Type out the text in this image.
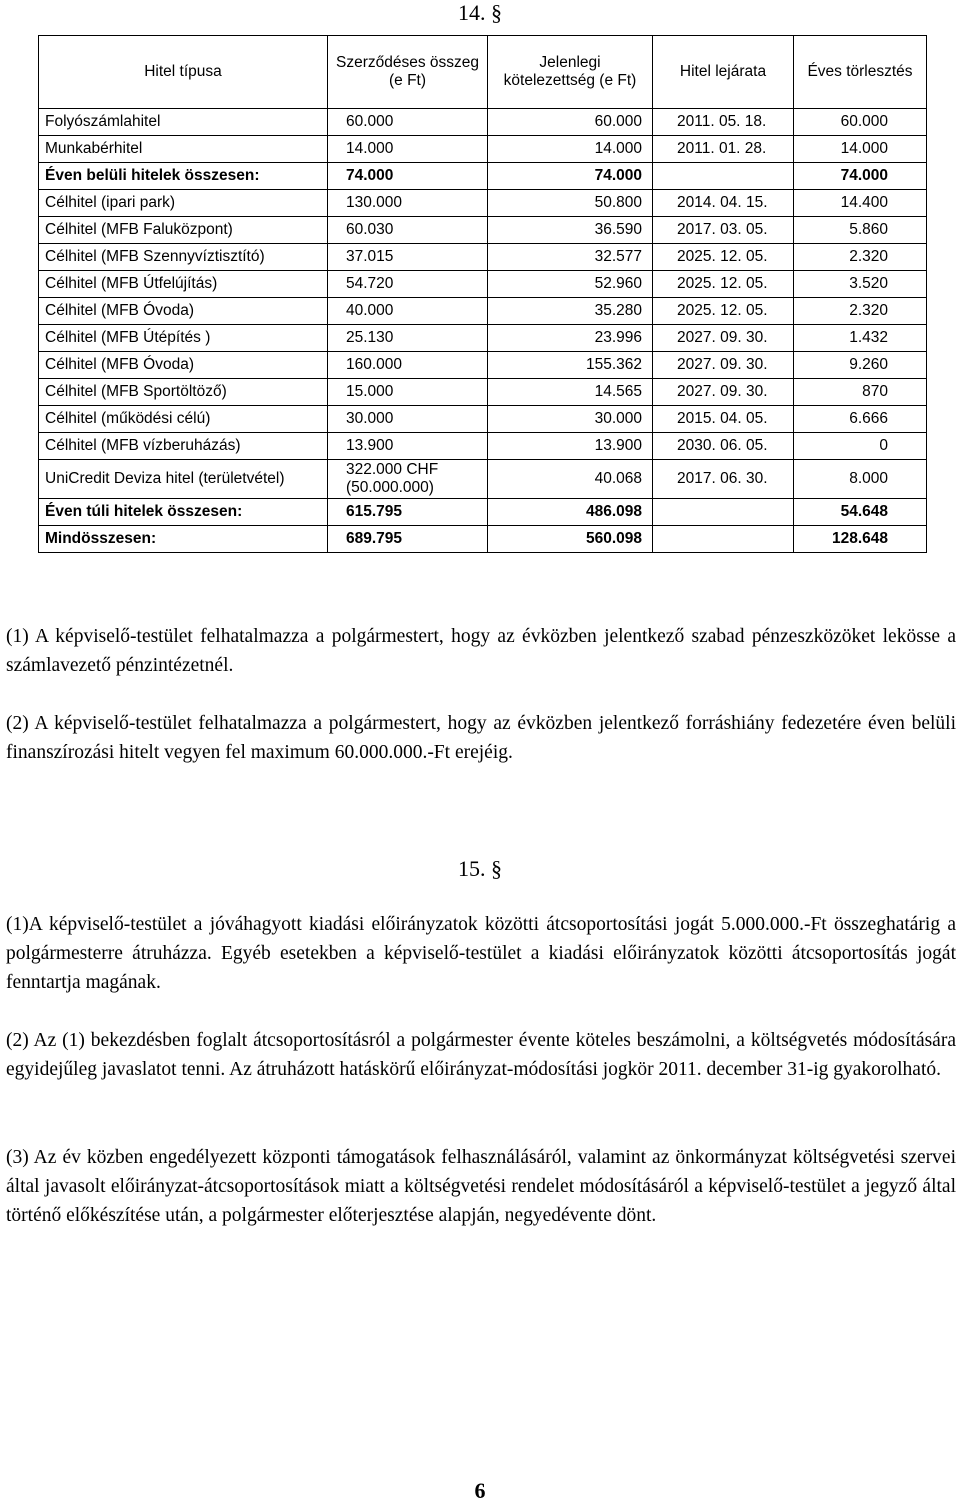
14. §
Hitel típusa	Szerződéses összeg (e Ft)	Jelenlegi kötelezettség (e Ft)	Hitel lejárata	Éves törlesztés
Folyószámlahitel	60.000	60.000	2011. 05. 18.	60.000
Munkabérhitel	14.000	14.000	2011. 01. 28.	14.000
Éven belüli hitelek összesen:	74.000	74.000		74.000
Célhitel (ipari park)	130.000	50.800	2014. 04. 15.	14.400
Célhitel (MFB Faluközpont)	60.030	36.590	2017. 03. 05.	5.860
Célhitel (MFB Szennyvíztisztító)	37.015	32.577	2025. 12. 05.	2.320
Célhitel (MFB Útfelújítás)	54.720	52.960	2025. 12. 05.	3.520
Célhitel (MFB Óvoda)	40.000	35.280	2025. 12. 05.	2.320
Célhitel (MFB Útépítés )	25.130	23.996	2027. 09. 30.	1.432
Célhitel (MFB Óvoda)	160.000	155.362	2027. 09. 30.	9.260
Célhitel (MFB Sportöltöző)	15.000	14.565	2027. 09. 30.	870
Célhitel (működési célú)	30.000	30.000	2015. 04. 05.	6.666
Célhitel (MFB vízberuházás)	13.900	13.900	2030. 06. 05.	0
UniCredit Deviza hitel (területvétel)	322.000 CHF (50.000.000)	40.068	2017. 06. 30.	8.000
Éven túli hitelek összesen:	615.795	486.098		54.648
Mindösszesen:	689.795	560.098		128.648
(1) A képviselő-testület felhatalmazza a polgármestert, hogy az évközben jelentkező szabad pénzeszközöket lekösse a számlavezető pénzintézetnél.
(2) A képviselő-testület felhatalmazza a polgármestert, hogy az évközben jelentkező forráshiány fedezetére éven belüli finanszírozási hitelt vegyen fel maximum 60.000.000.-Ft erejéig.
15. §
(1)A képviselő-testület a jóváhagyott kiadási előirányzatok közötti átcsoportosítási jogát 5.000.000.-Ft összeghatárig a polgármesterre átruházza. Egyéb esetekben a képviselő-testület a kiadási előirányzatok közötti átcsoportosítás jogát fenntartja magának.
(2) Az (1) bekezdésben foglalt átcsoportosításról a polgármester évente köteles beszámolni, a költségvetés módosítására egyidejűleg javaslatot tenni. Az átruházott hatáskörű előirányzat-módosítási jogkör 2011. december 31-ig gyakorolható.
(3) Az év közben engedélyezett központi támogatások felhasználásáról, valamint az önkormányzat költségvetési szervei által javasolt előirányzat-átcsoportosítások miatt a költségvetési rendelet módosításáról a képviselő-testület a jegyző által történő előkészítése után, a polgármester előterjesztése alapján, negyedévente dönt.
6
